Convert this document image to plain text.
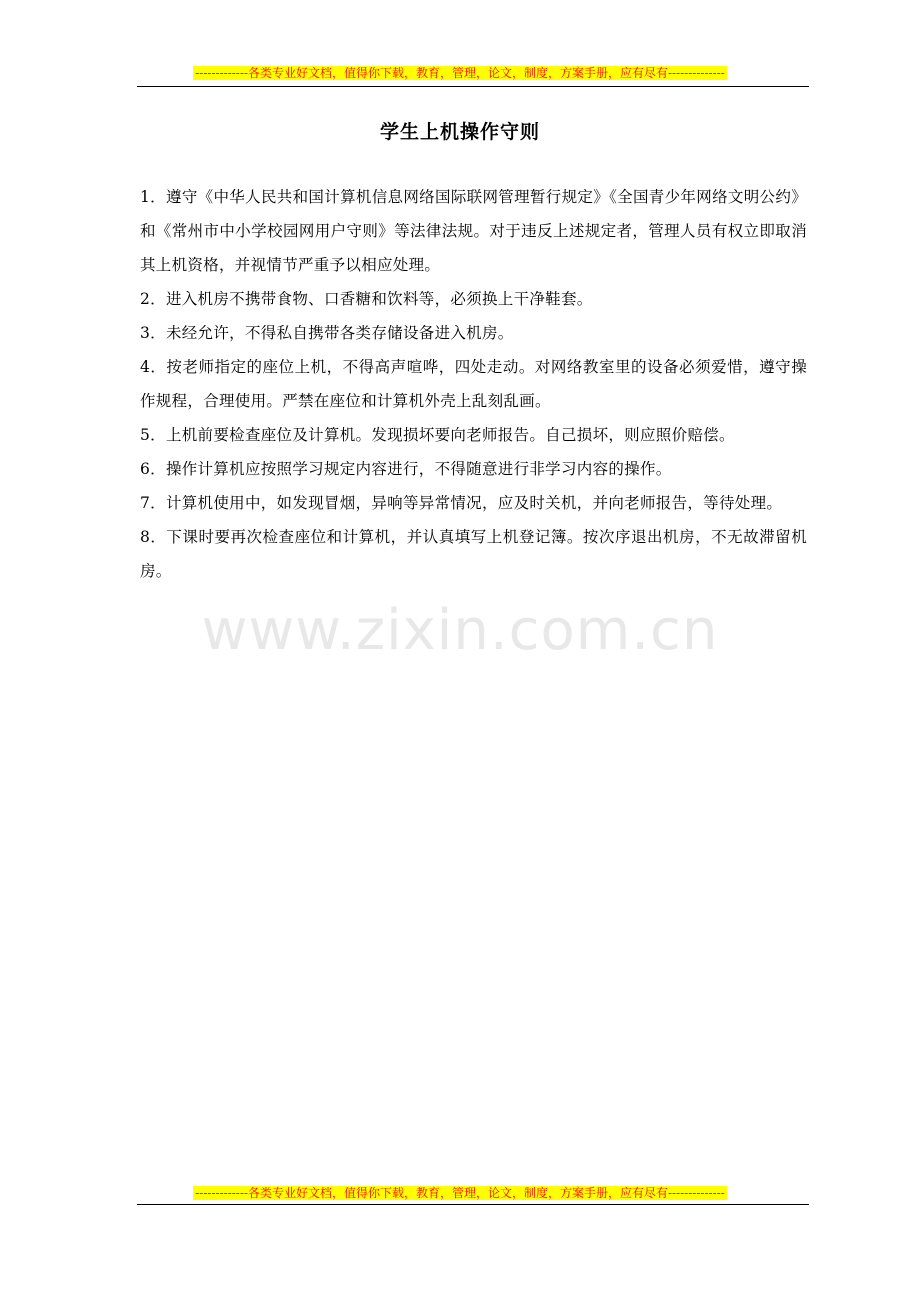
-------------各类专业好文档，值得你下载，教育，管理，论文，制度，方案手册，应有尽有--------------
学生上机操作守则

1．遵守《中华人民共和国计算机信息网络国际联网管理暂行规定》《全国青少年网络文明公约》和《常州市中小学校园网用户守则》等法律法规。对于违反上述规定者，管理人员有权立即取消其上机资格，并视情节严重予以相应处理。

2．进入机房不携带食物、口香糖和饮料等，必须换上干净鞋套。

3．未经允许，不得私自携带各类存储设备进入机房。

4．按老师指定的座位上机，不得高声喧哗，四处走动。对网络教室里的设备必须爱惜，遵守操作规程，合理使用。严禁在座位和计算机外壳上乱刻乱画。

5．上机前要检查座位及计算机。发现损坏要向老师报告。自己损坏，则应照价赔偿。

6．操作计算机应按照学习规定内容进行，不得随意进行非学习内容的操作。

7．计算机使用中，如发现冒烟，异响等异常情况，应及时关机，并向老师报告，等待处理。

8．下课时要再次检查座位和计算机，并认真填写上机登记簿。按次序退出机房，不无故滞留机房。

www.zixin.com.cn
-------------各类专业好文档，值得你下载，教育，管理，论文，制度，方案手册，应有尽有--------------
